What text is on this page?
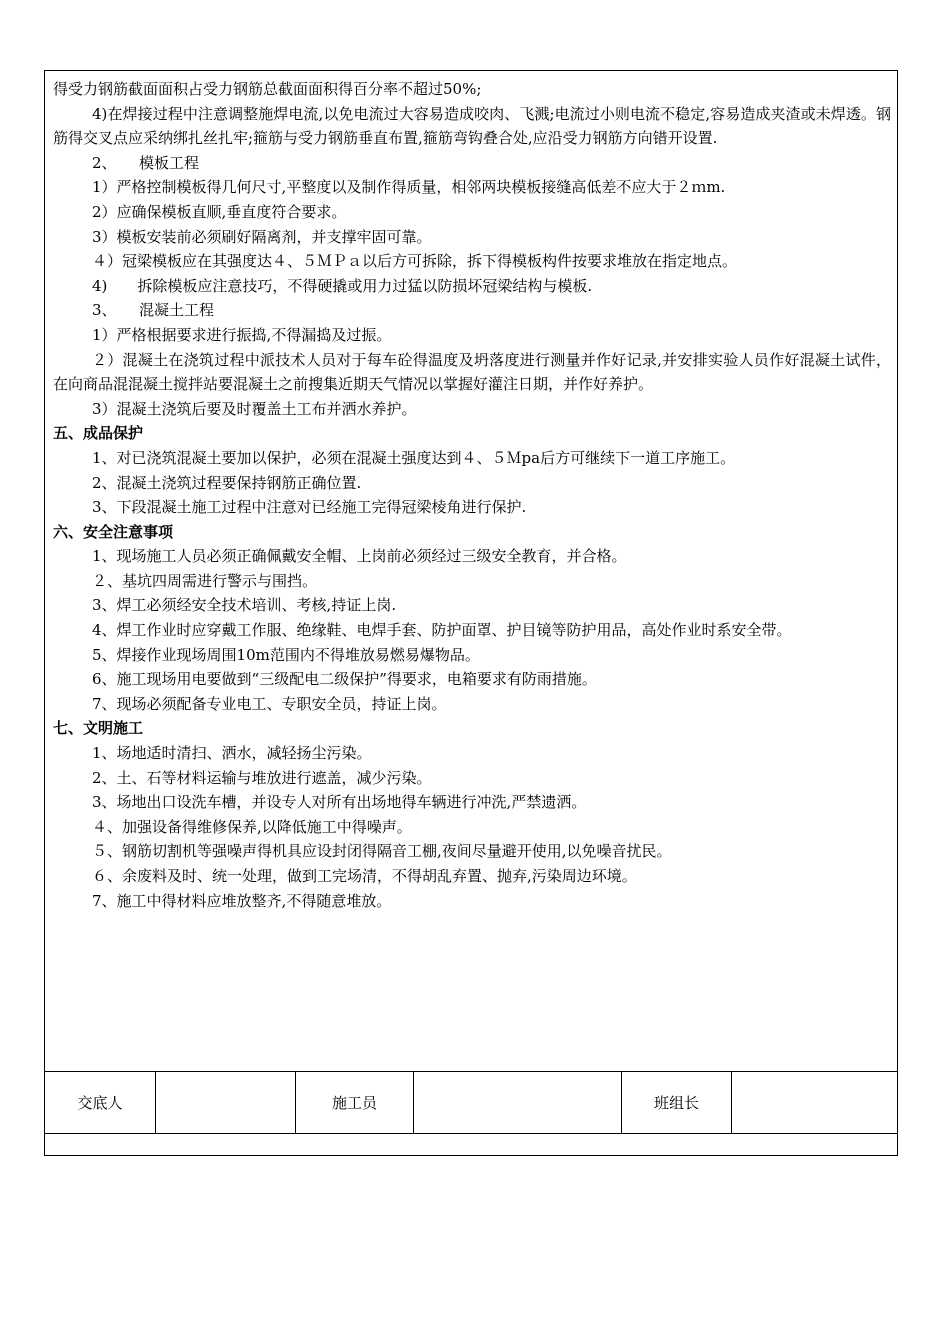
得受力钢筋截面面积占受力钢筋总截面面积得百分率不超过50%;

4)在焊接过程中注意调整施焊电流,以免电流过大容易造成咬肉、飞溅;电流过小则电流不稳定,容易造成夹渣或未焊透。钢筋得交叉点应采纳绑扎丝扎牢;箍筋与受力钢筋垂直布置,箍筋弯钩叠合处,应沿受力钢筋方向错开设置.

2、　　模板工程

1）严格控制模板得几何尺寸,平整度以及制作得质量，相邻两块模板接缝高低差不应大于２ｍm.

2）应确保模板直顺,垂直度符合要求。

3）模板安装前必须刷好隔离剂，并支撑牢固可靠。

４）冠梁模板应在其强度达４、５ＭＰａ以后方可拆除，拆下得模板构件按要求堆放在指定地点。

4)　　拆除模板应注意技巧，不得硬撬或用力过猛以防损坏冠梁结构与模板.

3、　　混凝土工程

1）严格根据要求进行振捣,不得漏捣及过振。

２）混凝土在浇筑过程中派技术人员对于每车砼得温度及坍落度进行测量并作好记录,并安排实验人员作好混凝土试件，在向商品混混凝土搅拌站要混凝土之前搜集近期天气情况以掌握好灌注日期，并作好养护。

3）混凝土浇筑后要及时覆盖土工布并洒水养护。

五、成品保护

1、对已浇筑混凝土要加以保护，必须在混凝土强度达到４、５Ｍpa后方可继续下一道工序施工。

2、混凝土浇筑过程要保持钢筋正确位置.

3、下段混凝土施工过程中注意对已经施工完得冠梁棱角进行保护.

六、安全注意事项

1、现场施工人员必须正确佩戴安全帽、上岗前必须经过三级安全教育，并合格。

２、基坑四周需进行警示与围挡。

3、焊工必须经安全技术培训、考核,持证上岗.

4、焊工作业时应穿戴工作服、绝缘鞋、电焊手套、防护面罩、护目镜等防护用品，高处作业时系安全带。

5、焊接作业现场周围10m范围内不得堆放易燃易爆物品。

6、施工现场用电要做到“三级配电二级保护”得要求，电箱要求有防雨措施。

7、现场必须配备专业电工、专职安全员，持证上岗。

七、文明施工

1、场地适时清扫、洒水，减轻扬尘污染。

2、土、石等材料运输与堆放进行遮盖，减少污染。

3、场地出口设洗车槽，并设专人对所有出场地得车辆进行冲洗,严禁遗洒。

４、加强设备得维修保养,以降低施工中得噪声。

５、钢筋切割机等强噪声得机具应设封闭得隔音工棚,夜间尽量避开使用,以免噪音扰民。

６、余废料及时、统一处理，做到工完场清，不得胡乱弃置、抛弃,污染周边环境。

7、施工中得材料应堆放整齐,不得随意堆放。

交底人	施工员	班组长
